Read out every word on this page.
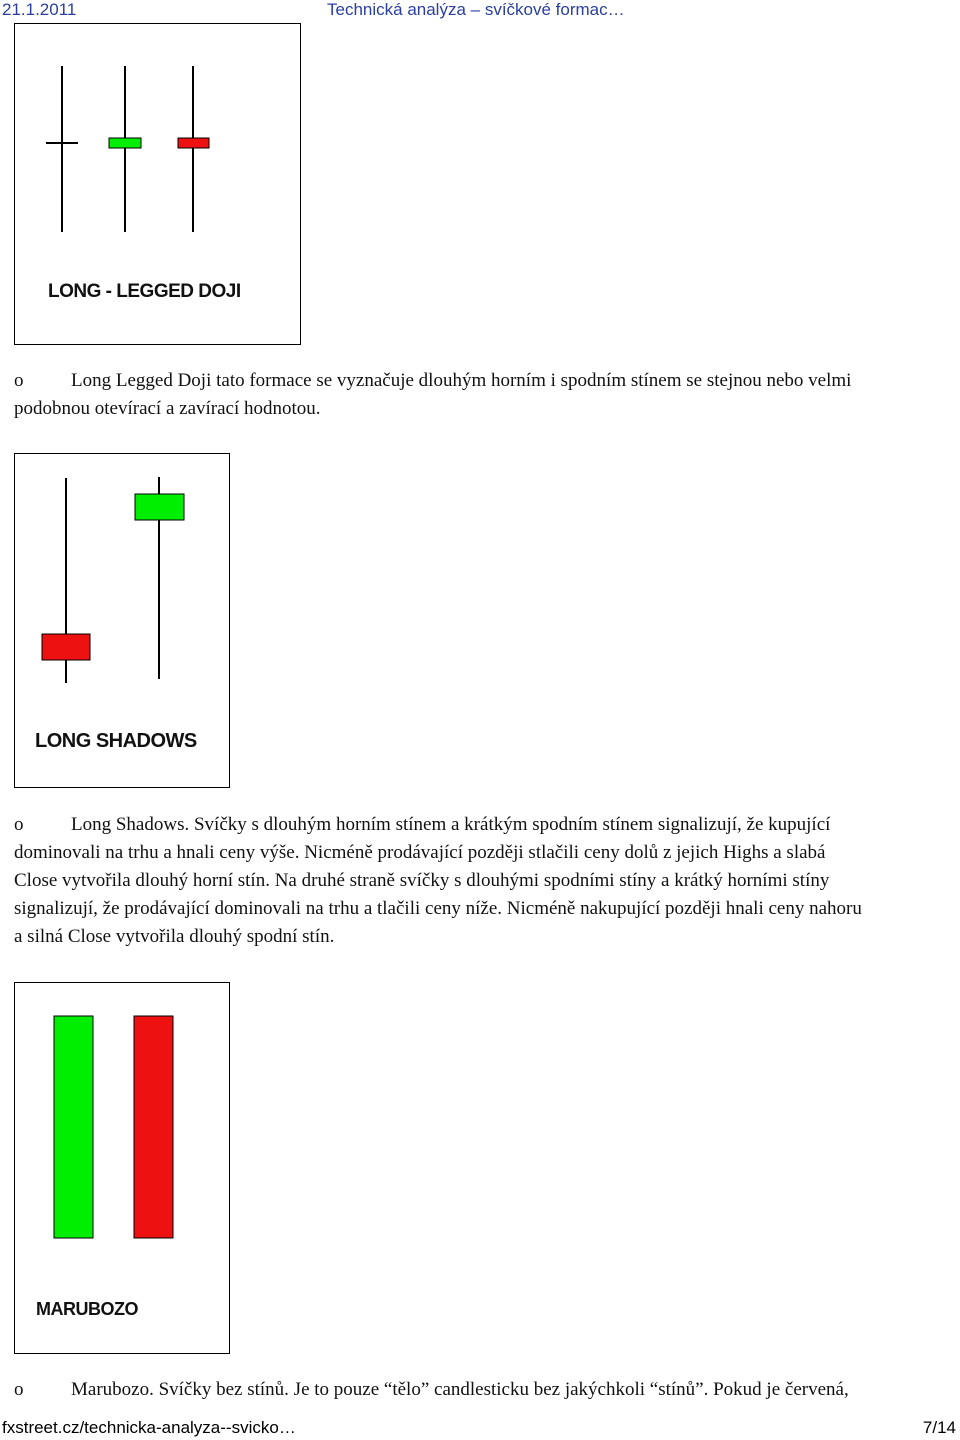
21.1.2011	Technická analýza – svíčkové formac…
LONG - LEGGED DOJI
o	Long Legged Doji tato formace se vyznačuje dlouhým horním i spodním stínem se stejnou nebo velmi
podobnou otevírací a zavírací hodnotou.
LONG SHADOWS
o	Long Shadows. Svíčky s dlouhým horním stínem a krátkým spodním stínem signalizují, že kupující
dominovali na trhu a hnali ceny výše. Nicméně prodávající později stlačili ceny dolů z jejich Highs a slabá
Close vytvořila dlouhý horní stín. Na druhé straně svíčky s dlouhými spodními stíny a krátký horními stíny
signalizují, že prodávající dominovali na trhu a tlačili ceny níže. Nicméně nakupující později hnali ceny nahoru
a silná Close vytvořila dlouhý spodní stín.
MARUBOZO
o	Marubozo. Svíčky bez stínů. Je to pouze “tělo” candlesticku bez jakýchkoli “stínů”. Pokud je červená,
fxstreet.cz/technicka-analyza--svicko…	7/14
